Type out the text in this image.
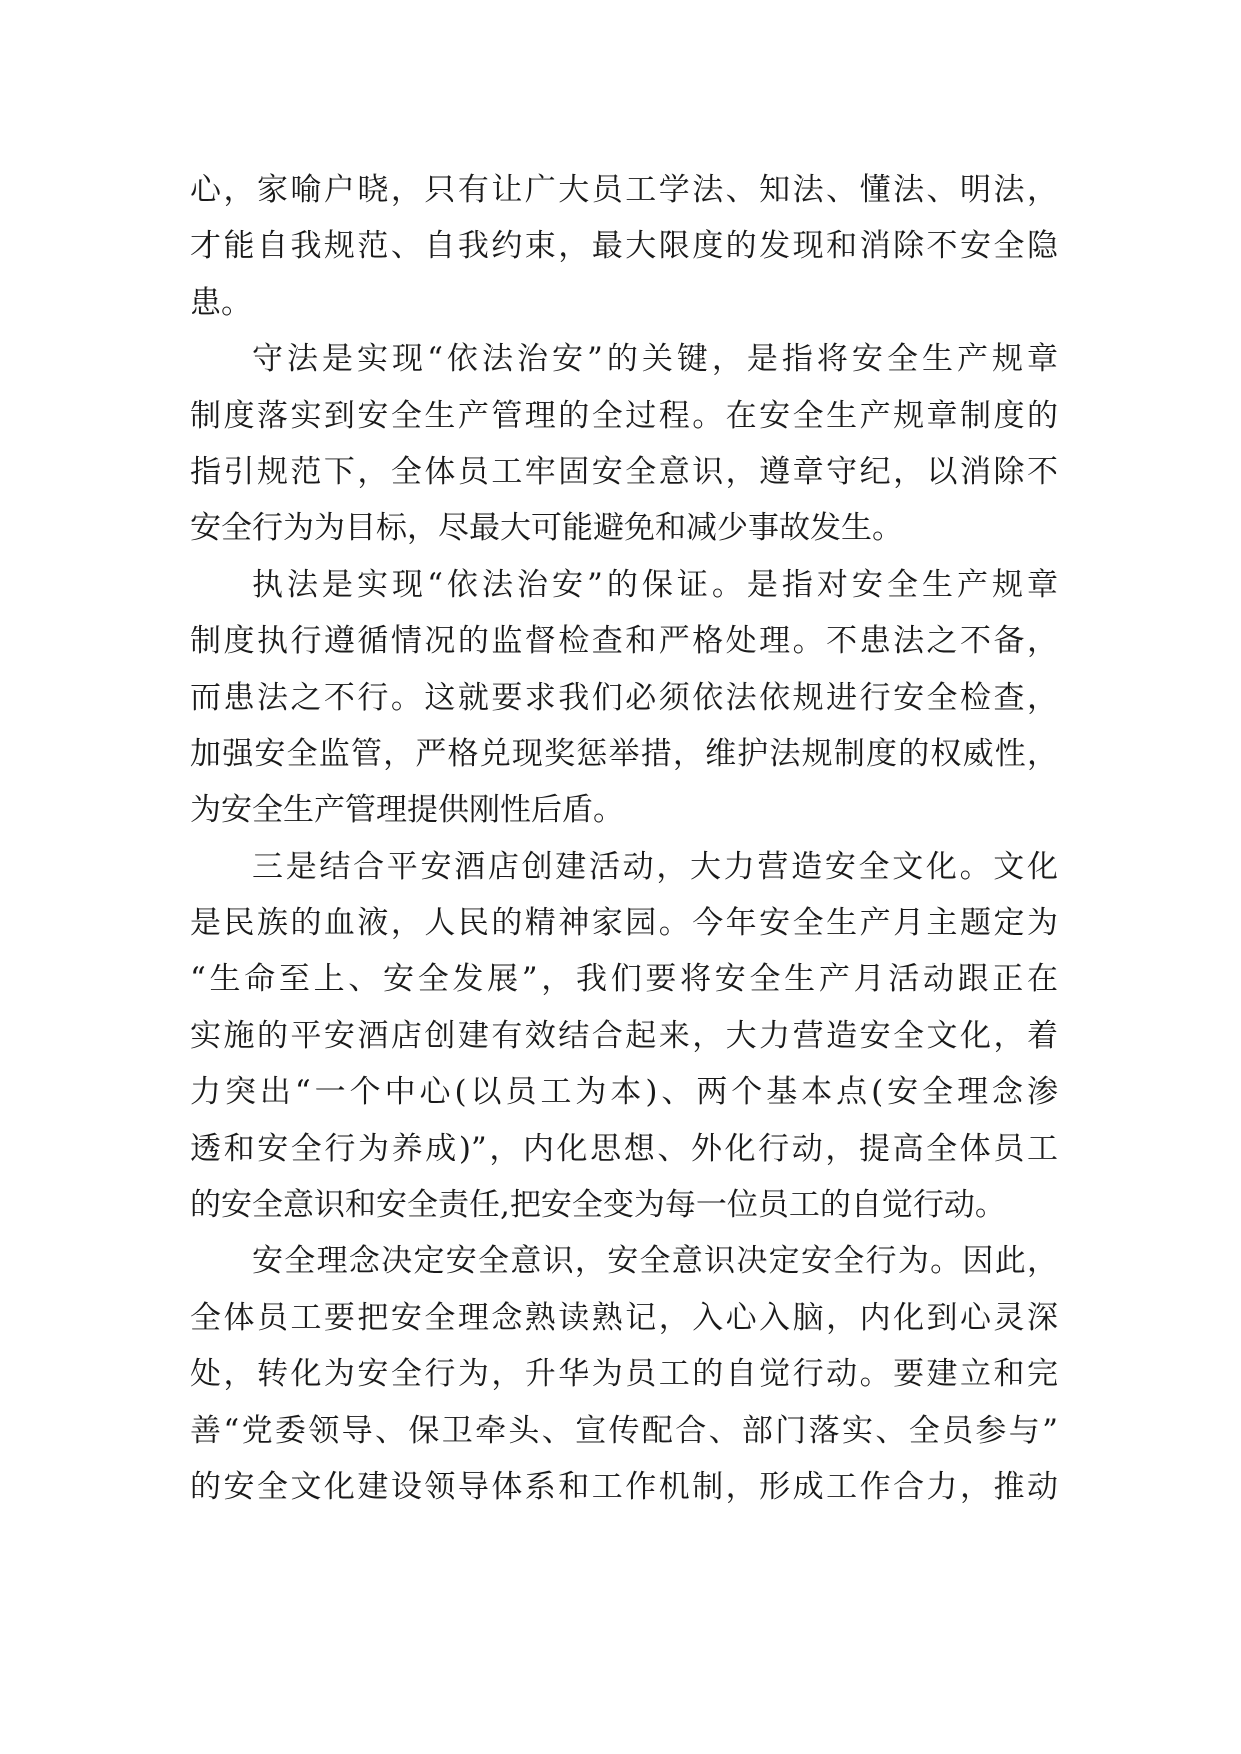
心，家喻户晓，只有让广大员工学法、知法、懂法、明法，
才能自我规范、自我约束，最大限度的发现和消除不安全隐
患。
守法是实现“依法治安”的关键，是指将安全生产规章
制度落实到安全生产管理的全过程。在安全生产规章制度的
指引规范下，全体员工牢固安全意识，遵章守纪，以消除不
安全行为为目标，尽最大可能避免和减少事故发生。
执法是实现“依法治安”的保证。是指对安全生产规章
制度执行遵循情况的监督检查和严格处理。不患法之不备，
而患法之不行。这就要求我们必须依法依规进行安全检查，
加强安全监管，严格兑现奖惩举措，维护法规制度的权威性，
为安全生产管理提供刚性后盾。
三是结合平安酒店创建活动，大力营造安全文化。文化
是民族的血液，人民的精神家园。今年安全生产月主题定为
“生命至上、安全发展”，我们要将安全生产月活动跟正在
实施的平安酒店创建有效结合起来，大力营造安全文化，着
力突出“一个中心(以员工为本)、两个基本点(安全理念渗
透和安全行为养成)”，内化思想、外化行动，提高全体员工
的安全意识和安全责任,把安全变为每一位员工的自觉行动。
安全理念决定安全意识，安全意识决定安全行为。因此，
全体员工要把安全理念熟读熟记，入心入脑，内化到心灵深
处，转化为安全行为，升华为员工的自觉行动。要建立和完
善“党委领导、保卫牵头、宣传配合、部门落实、全员参与”
的安全文化建设领导体系和工作机制，形成工作合力，推动
